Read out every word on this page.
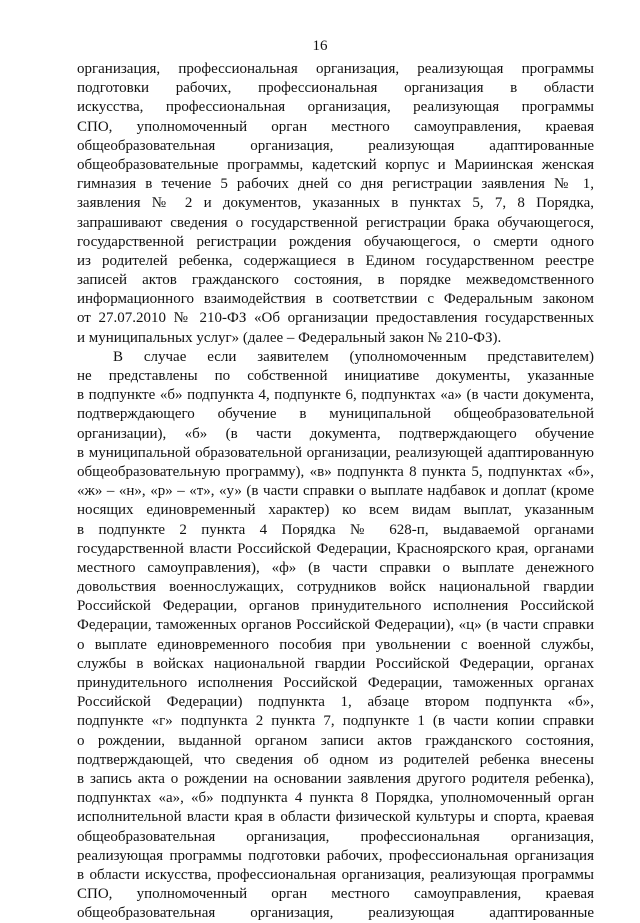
16
организация, профессиональная организация, реализующая программы
подготовки рабочих, профессиональная организация в области
искусства, профессиональная организация, реализующая программы
СПО, уполномоченный орган местного самоуправления, краевая
общеобразовательная организация, реализующая адаптированные
общеобразовательные программы, кадетский корпус и Мариинская женская
гимназия в течение 5 рабочих дней со дня регистрации заявления № 1,
заявления № 2 и документов, указанных в пунктах 5, 7, 8 Порядка,
запрашивают сведения о государственной регистрации брака обучающегося,
государственной регистрации рождения обучающегося, о смерти одного
из родителей ребенка, содержащиеся в Едином государственном реестре
записей актов гражданского состояния, в порядке межведомственного
информационного взаимодействия в соответствии с Федеральным законом
от 27.07.2010 № 210-ФЗ «Об организации предоставления государственных
и муниципальных услуг» (далее – Федеральный закон № 210-ФЗ).
В случае если заявителем (уполномоченным представителем)
не представлены по собственной инициативе документы, указанные
в подпункте «б» подпункта 4, подпункте 6, подпунктах «а» (в части документа,
подтверждающего обучение в муниципальной общеобразовательной
организации), «б» (в части документа, подтверждающего обучение
в муниципальной образовательной организации, реализующей адаптированную
общеобразовательную программу), «в» подпункта 8 пункта 5, подпунктах «б»,
«ж» – «н», «р» – «т», «у» (в части справки о выплате надбавок и доплат (кроме
носящих единовременный характер) ко всем видам выплат, указанным
в подпункте 2 пункта 4 Порядка № 628-п, выдаваемой органами
государственной власти Российской Федерации, Красноярского края, органами
местного самоуправления), «ф» (в части справки о выплате денежного
довольствия военнослужащих, сотрудников войск национальной гвардии
Российской Федерации, органов принудительного исполнения Российской
Федерации, таможенных органов Российской Федерации), «ц» (в части справки
о выплате единовременного пособия при увольнении с военной службы,
службы в войсках национальной гвардии Российской Федерации, органах
принудительного исполнения Российской Федерации, таможенных органах
Российской Федерации) подпункта 1, абзаце втором подпункта «б»,
подпункте «г» подпункта 2 пункта 7, подпункте 1 (в части копии справки
о рождении, выданной органом записи актов гражданского состояния,
подтверждающей, что сведения об одном из родителей ребенка внесены
в запись акта о рождении на основании заявления другого родителя ребенка),
подпунктах «а», «б» подпункта 4 пункта 8 Порядка, уполномоченный орган
исполнительной власти края в области физической культуры и спорта, краевая
общеобразовательная организация, профессиональная организация,
реализующая программы подготовки рабочих, профессиональная организация
в области искусства, профессиональная организация, реализующая программы
СПО, уполномоченный орган местного самоуправления, краевая
общеобразовательная организация, реализующая адаптированные
